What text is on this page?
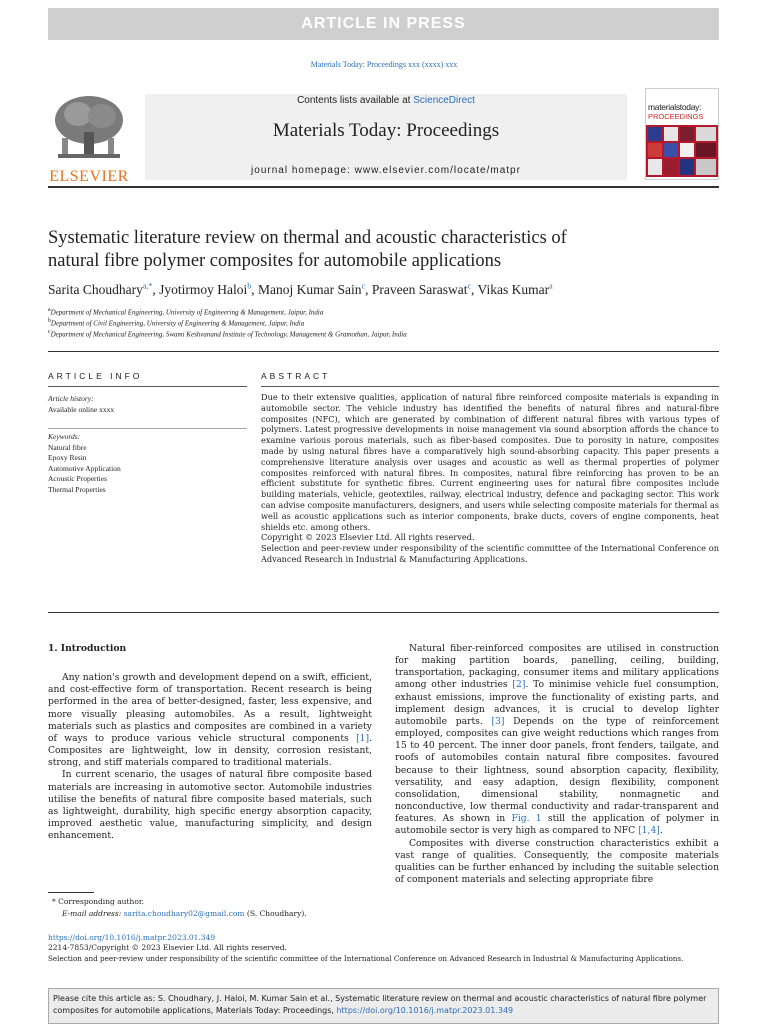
ARTICLE IN PRESS
Materials Today: Proceedings xxx (xxxx) xxx
ELSEVIER
Contents lists available at ScienceDirect
Materials Today: Proceedings
journal homepage: www.elsevier.com/locate/matpr
materialstoday:
PROCEEDINGS
Systematic literature review on thermal and acoustic characteristics of
natural fibre polymer composites for automobile applications
Sarita Choudhary$^{a,*}$, Jyotirmoy Haloi$^b$, Manoj Kumar Sain$^c$, Praveen Saraswat$^c$, Vikas Kumar$^a$
$^a$Department of Mechanical Engineering, University of Engineering & Management, Jaipur, India
$^b$Department of Civil Engineering, University of Engineering & Management, Jaipur, India
$^c$Department of Mechanical Engineering, Swami Keshvanand Institute of Technology, Management & Gramothan, Jaipur, India
ARTICLE INFO
Article history:
Available online xxxx
Keywords:
Natural fibre
Epoxy Resin
Automotive Application
Acoustic Properties
Thermal Properties
ABSTRACT

Due to their extensive qualities, application of natural fibre reinforced composite materials is expanding in automobile sector. The vehicle industry has identified the benefits of natural fibres and natural-fibre composites (NFC), which are generated by combination of different natural fibres with various types of polymers. Latest progressive developments in noise management via sound absorption affords the chance to examine various porous materials, such as fiber-based composites. Due to porosity in nature, composites made by using natural fibres have a comparatively high sound-absorbing capacity. This paper presents a comprehensive literature analysis over usages and acoustic as well as thermal properties of polymer composites reinforced with natural fibres. In composites, natural fibre reinforcing has proven to be an efficient substitute for synthetic fibres. Current engineering uses for natural fibre composites include building materials, vehicle, geotextiles, railway, electrical industry, defence and packaging sector. This work can advise composite manufacturers, designers, and users while selecting composite materials for thermal as well as acoustic applications such as interior components, brake ducts, covers of engine components, heat shields etc. among others.

Copyright © 2023 Elsevier Ltd. All rights reserved.

Selection and peer-review under responsibility of the scientific committee of the International Conference on Advanced Research in Industrial & Manufacturing Applications.

1. Introduction

Any nation's growth and development depend on a swift, efficient, and cost-effective form of transportation. Recent research is being performed in the area of better-designed, faster, less expensive, and more visually pleasing automobiles. As a result, lightweight materials such as plastics and composites are combined in a variety of ways to produce various vehicle structural components [1]. Composites are lightweight, low in density, corrosion resistant, strong, and stiff materials compared to traditional materials.

In current scenario, the usages of natural fibre composite based materials are increasing in automotive sector. Automobile industries utilise the benefits of natural fibre composite based materials, such as lightweight, durability, high specific energy absorption capacity, improved aesthetic value, manufacturing simplicity, and design enhancement.

Natural fiber-reinforced composites are utilised in construction for making partition boards, panelling, ceiling, building, transportation, packaging, consumer items and military applications among other industries [2]. To minimise vehicle fuel consumption, exhaust emissions, improve the functionality of existing parts, and implement design advances, it is crucial to develop lighter automobile parts. [3] Depends on the type of reinforcement employed, composites can give weight reductions which ranges from 15 to 40 percent. The inner door panels, front fenders, tailgate, and roofs of automobiles contain natural fibre composites. favoured because to their lightness, sound absorption capacity, flexibility, versatility, and easy adaption, design flexibility, component consolidation, dimensional stability, nonmagnetic and nonconductive, low thermal conductivity and radar-transparent and features. As shown in Fig. 1 still the application of polymer in automobile sector is very high as compared to NFC [1,4].

Composites with diverse construction characteristics exhibit a vast range of qualities. Consequently, the composite materials qualities can be further enhanced by including the suitable selection of component materials and selecting appropriate fibre

* Corresponding author.
E-mail address: sarita.choudhary02@gmail.com (S. Choudhary).
https://doi.org/10.1016/j.matpr.2023.01.349
2214-7853/Copyright © 2023 Elsevier Ltd. All rights reserved.
Selection and peer-review under responsibility of the scientific committee of the International Conference on Advanced Research in Industrial & Manufacturing Applications.
Please cite this article as: S. Choudhary, J. Haloi, M. Kumar Sain et al., Systematic literature review on thermal and acoustic characteristics of natural fibre polymer composites for automobile applications, Materials Today: Proceedings, https://doi.org/10.1016/j.matpr.2023.01.349
